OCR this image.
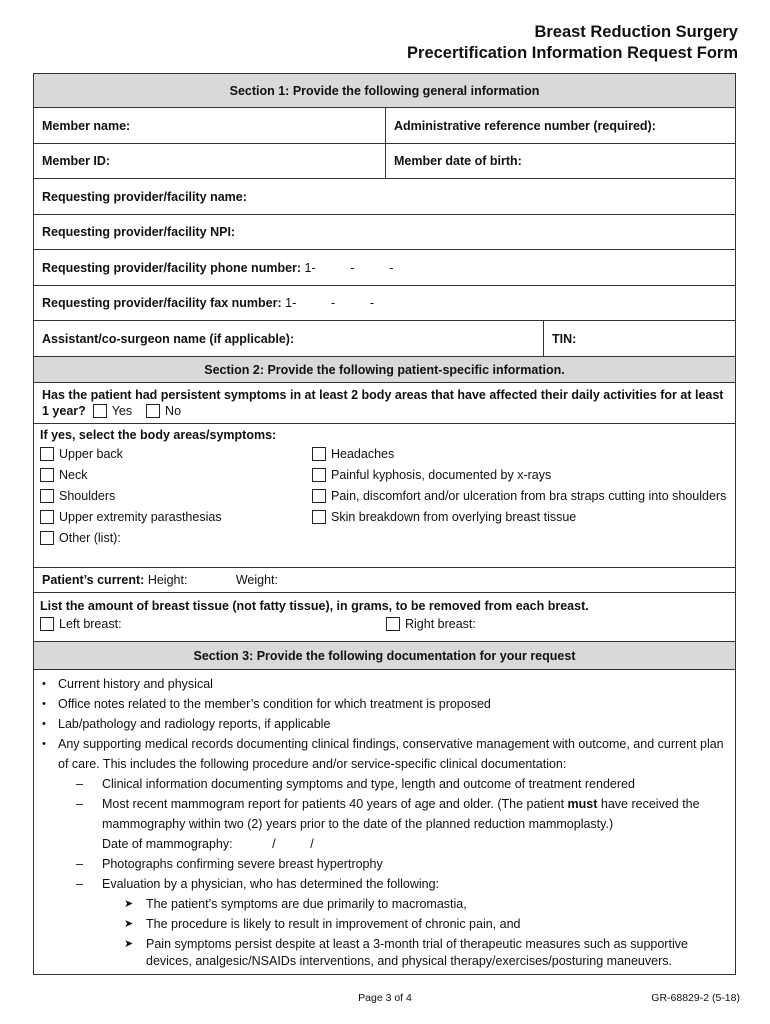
Breast Reduction Surgery
Precertification Information Request Form
Section 1: Provide the following general information
Member name:	Administrative reference number (required):
Member ID:	Member date of birth:
Requesting provider/facility name:
Requesting provider/facility NPI:
Requesting provider/facility phone number:
1-          -          -
Requesting provider/facility fax number:
1-          -          -
Assistant/co-surgeon name (if applicable):	TIN:
Section 2: Provide the following patient-specific information.
Has the patient had persistent symptoms in at least 2 body areas that have affected their daily activities for at least 1 year? Yes	No
If yes, select the body areas/symptoms:
Upper back	Headaches
Neck	Painful kyphosis, documented by x-rays
Shoulders	Pain, discomfort and/or ulceration from bra straps cutting into shoulders
Upper extremity parasthesias	Skin breakdown from overlying breast tissue
Other (list):
Patient’s current:
Height:	Weight:
List the amount of breast tissue (not fatty tissue), in grams, to be removed from each breast.
Left breast:	Right breast:
Section 3: Provide the following documentation for your request
• Current history and physical
• Office notes related to the member’s condition for which treatment is proposed
• Lab/pathology and radiology reports, if applicable
• Any supporting medical records documenting clinical findings, conservative management with outcome, and current plan of care. This includes the following procedure and/or service-specific clinical documentation:
– Clinical information documenting symptoms and type, length and outcome of treatment rendered
– Most recent mammogram report for patients 40 years of age and older. (The patient must have received the mammography within two (2) years prior to the date of the planned reduction mammoplasty.)
Date of mammography:	/          /
– Photographs confirming severe breast hypertrophy
– Evaluation by a physician, who has determined the following:
➤ The patient’s symptoms are due primarily to macromastia,
➤ The procedure is likely to result in improvement of chronic pain, and
➤ Pain symptoms persist despite at least a 3-month trial of therapeutic measures such as supportive devices, analgesic/NSAIDs interventions, and physical therapy/exercises/posturing maneuvers.
Page 3 of 4	GR-68829-2 (5-18)
